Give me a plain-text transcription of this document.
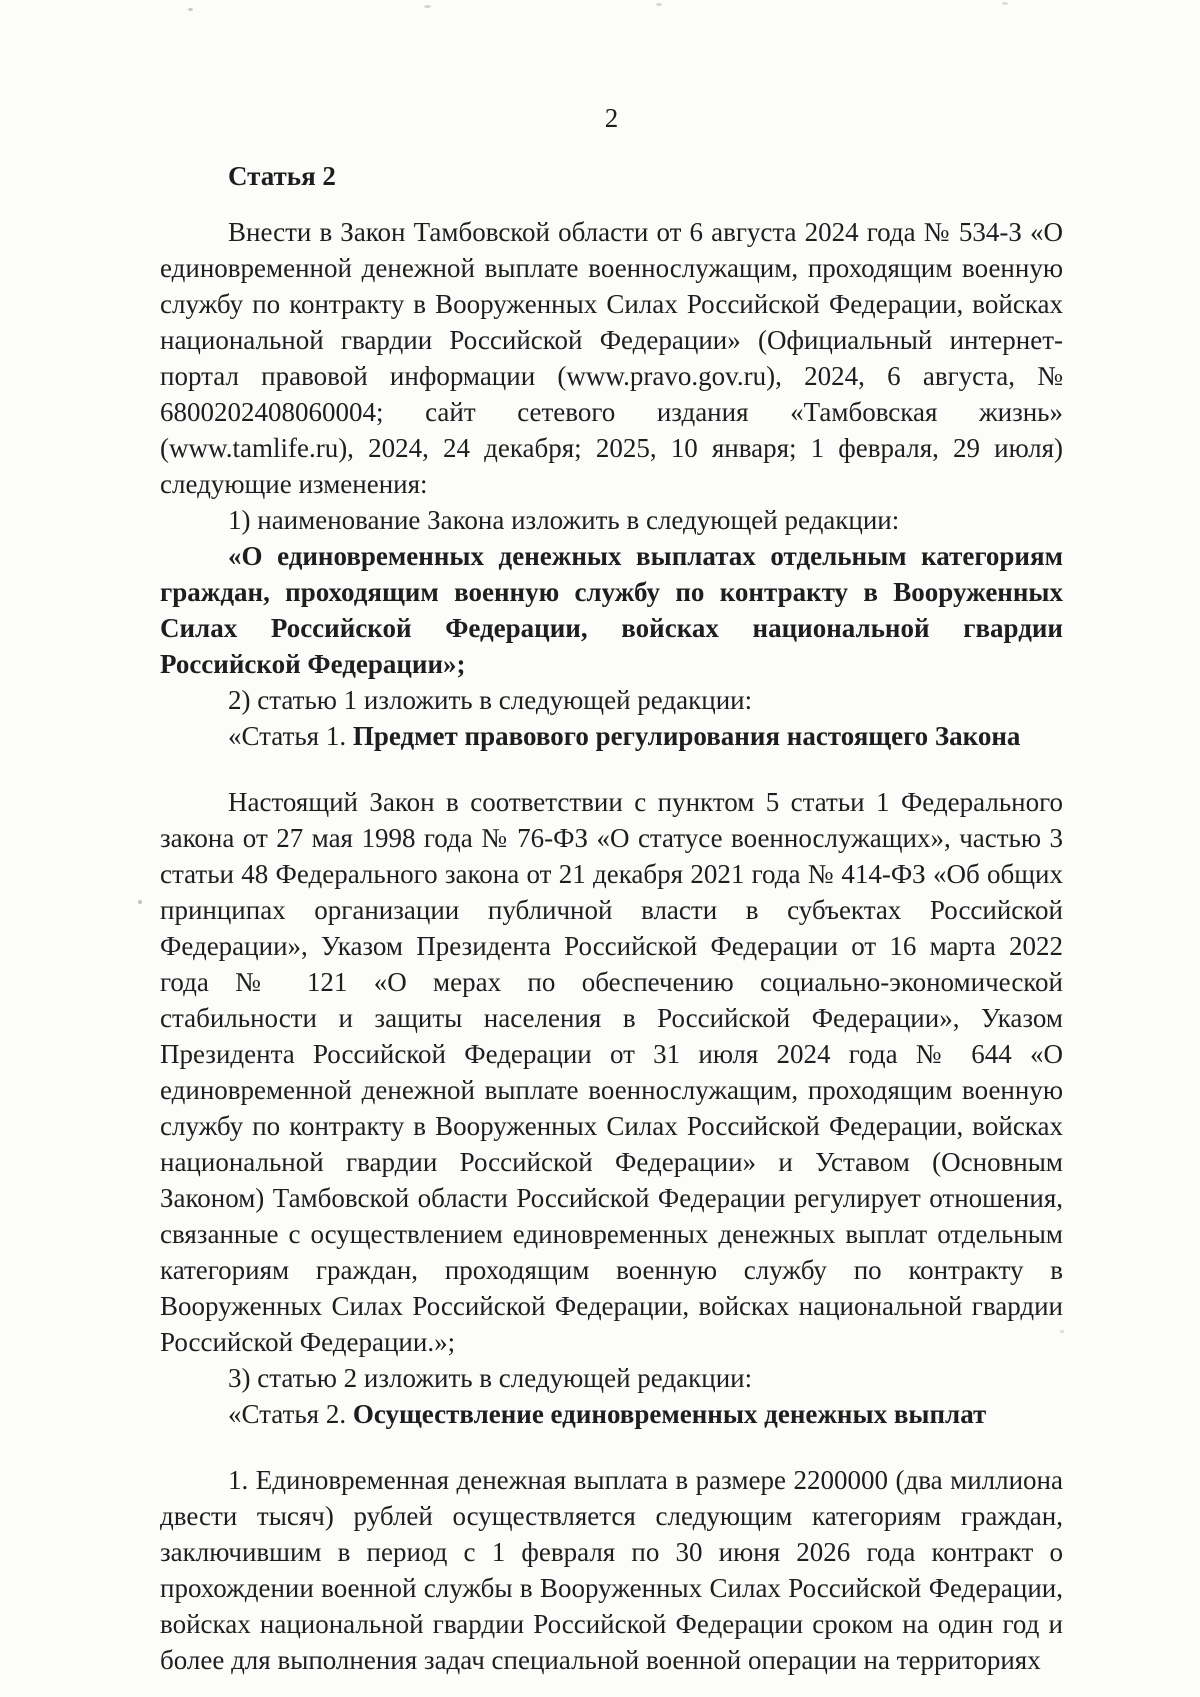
2

Статья 2

Внести в Закон Тамбовской области от 6 августа 2024 года № 534-З «О единовременной денежной выплате военнослужащим, проходящим военную службу по контракту в Вооруженных Силах Российской Федерации, войсках национальной гвардии Российской Федерации» (Официальный интернет-портал правовой информации (www.pravo.gov.ru), 2024, 6 августа, № 6800202408060004; сайт сетевого издания «Тамбовская жизнь» (www.tamlife.ru), 2024, 24 декабря; 2025, 10 января; 1 февраля, 29 июля) следующие изменения:

1) наименование Закона изложить в следующей редакции:

«О единовременных денежных выплатах отдельным категориям граждан, проходящим военную службу по контракту в Вооруженных Силах Российской Федерации, войсках национальной гвардии Российской Федерации»;

2) статью 1 изложить в следующей редакции:

«Статья 1. Предмет правового регулирования настоящего Закона

Настоящий Закон в соответствии с пунктом 5 статьи 1 Федерального закона от 27 мая 1998 года № 76-ФЗ «О статусе военнослужащих», частью 3 статьи 48 Федерального закона от 21 декабря 2021 года № 414-ФЗ «Об общих принципах организации публичной власти в субъектах Российской Федерации», Указом Президента Российской Федерации от 16 марта 2022 года № 121 «О мерах по обеспечению социально-экономической стабильности и защиты населения в Российской Федерации», Указом Президента Российской Федерации от 31 июля 2024 года № 644 «О единовременной денежной выплате военнослужащим, проходящим военную службу по контракту в Вооруженных Силах Российской Федерации, войсках национальной гвардии Российской Федерации» и Уставом (Основным Законом) Тамбовской области Российской Федерации регулирует отношения, связанные с осуществлением единовременных денежных выплат отдельным категориям граждан, проходящим военную службу по контракту в Вооруженных Силах Российской Федерации, войсках национальной гвардии Российской Федерации.»;

3) статью 2 изложить в следующей редакции:

«Статья 2. Осуществление единовременных денежных выплат

1. Единовременная денежная выплата в размере 2200000 (два миллиона двести тысяч) рублей осуществляется следующим категориям граждан, заключившим в период с 1 февраля по 30 июня 2026 года контракт о прохождении военной службы в Вооруженных Силах Российской Федерации, войсках национальной гвардии Российской Федерации сроком на один год и более для выполнения задач специальной военной операции на территориях
